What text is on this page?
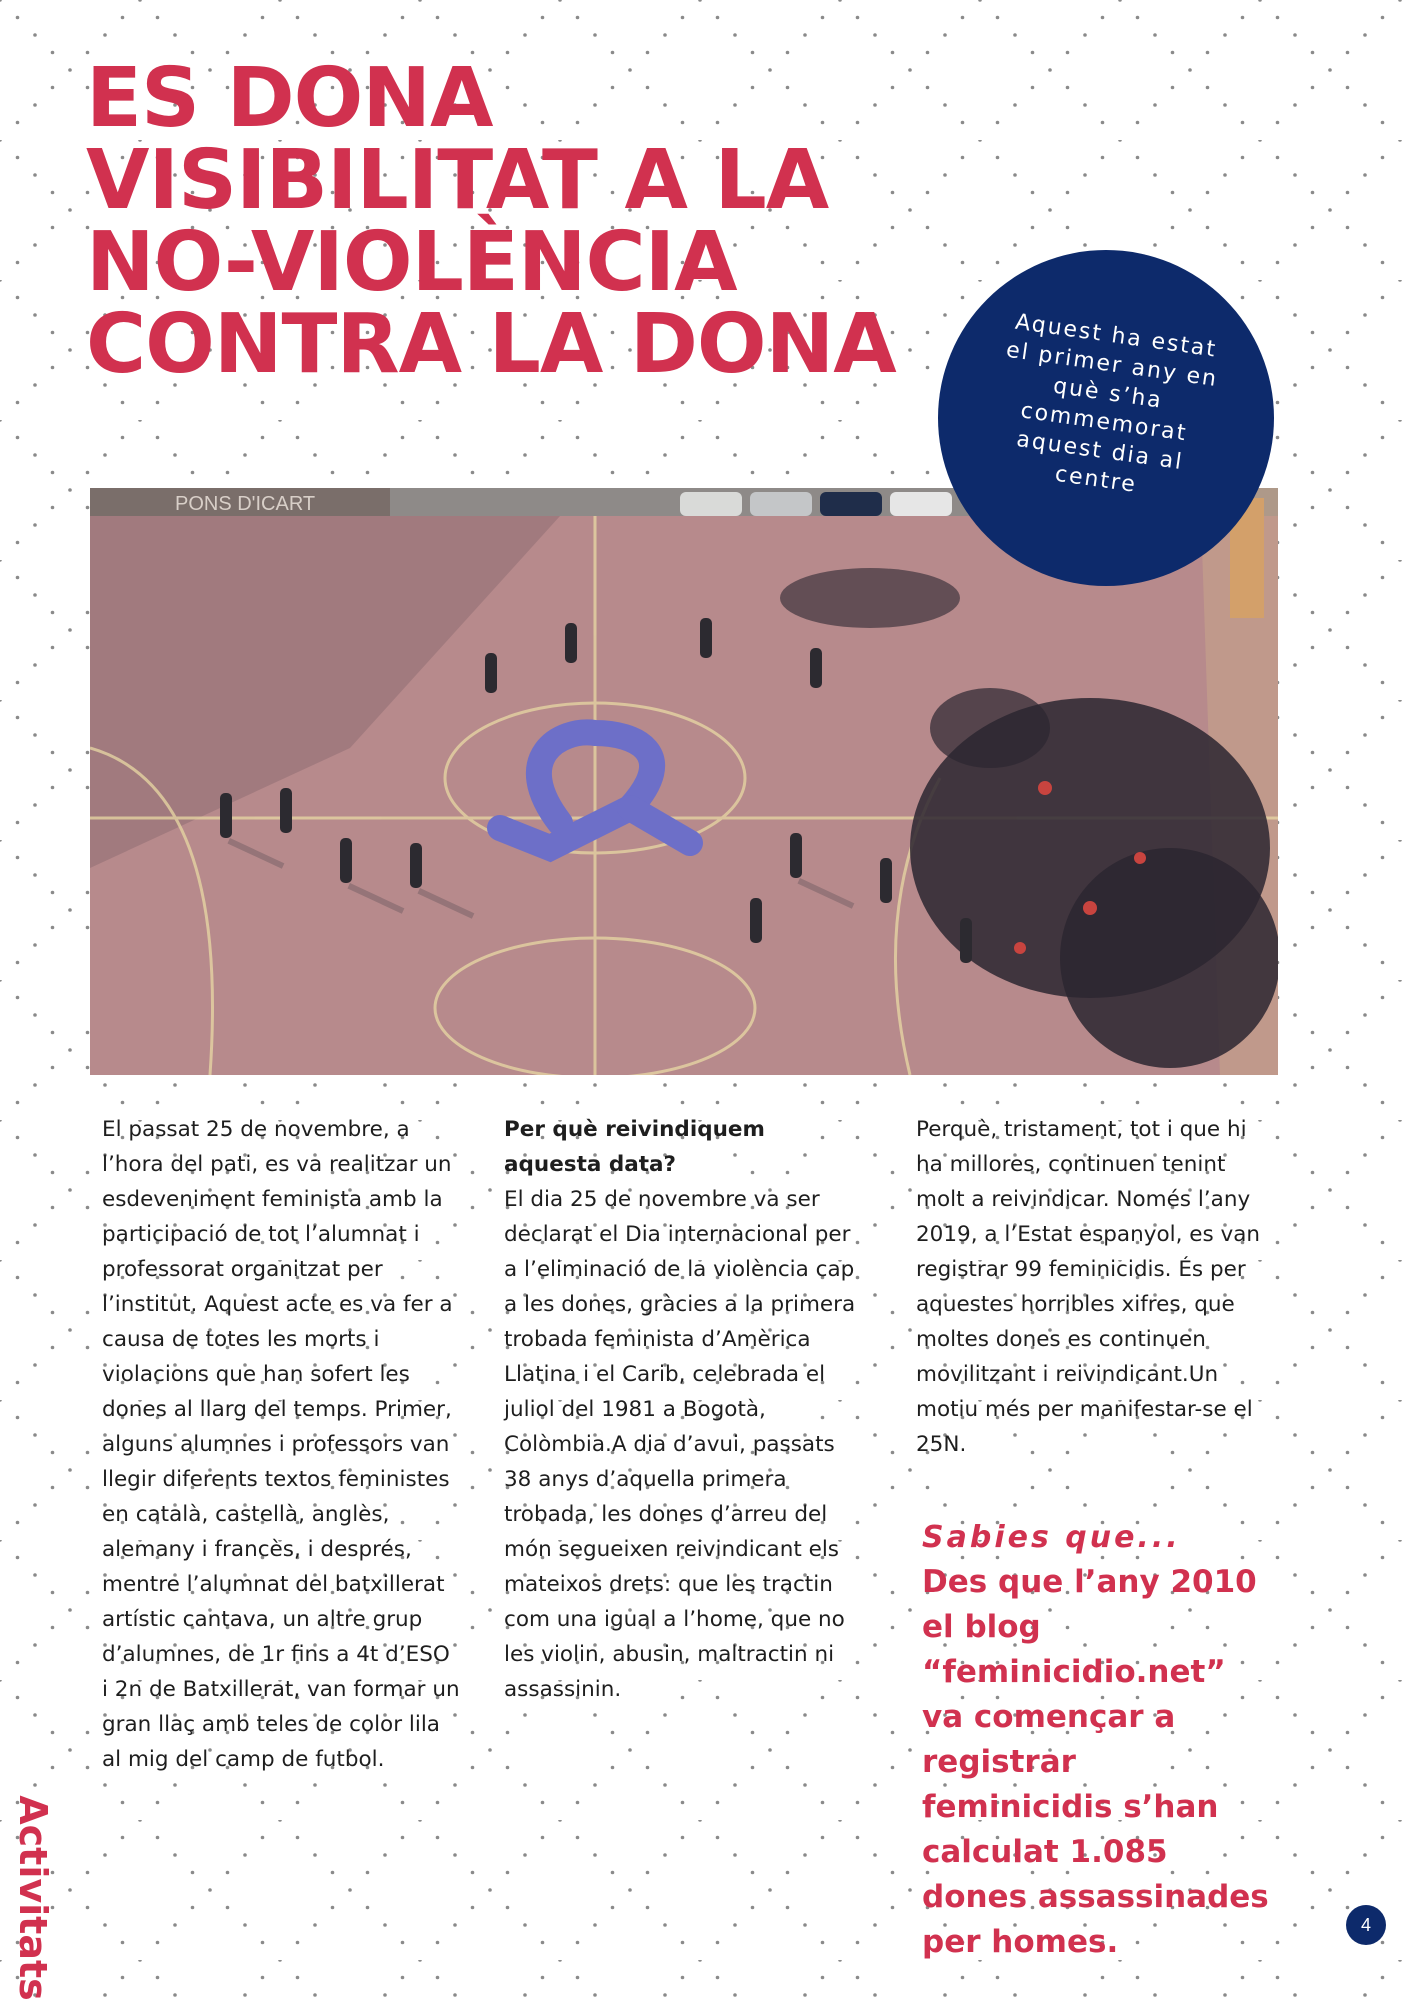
ES DONA
VISIBILITAT A LA
NO-VIOLÈNCIA
CONTRA LA DONA	Aquest ha estat
el primer any en
què s’ha
commemorat
aquest dia al
centre
PONS D'ICART

El passat 25 de novembre, a l’hora del pati, es va realitzar un esdeveniment feminista amb la participació de tot l’alumnat i professorat organitzat per l’institut. Aquest acte es va fer a causa de totes les morts i violacions que han sofert les dones al llarg del temps. Primer, alguns alumnes i professors van llegir diferents textos feministes en català, castellà, anglès, alemany i francès, i després, mentre l’alumnat del batxillerat artístic cantava, un altre grup d’alumnes, de 1r fins a 4t d’ESO i 2n de Batxillerat, van formar un gran llaç amb teles de color lila al mig del camp de futbol.

Per què reivindiquem aquesta data?

El dia 25 de novembre va ser declarat el Dia internacional per a l’eliminació de la violència cap a les dones, gràcies a la primera trobada feminista d’Amèrica Llatina i el Carib, celebrada el juliol del 1981 a Bogotà, Colòmbia.A dia d’avui, passats 38 anys d’aquella primera trobada, les dones d’arreu del món segueixen reivindicant els mateixos drets: que les tractin com una igual a l’home, que no les violin, abusin, maltractin ni assassinin.

Perquè, tristament, tot i que hi ha millores, continuen tenint molt a reivindicar. Només l’any 2019, a l’Estat espanyol, es van registrar 99 feminicidis. És per aquestes horribles xifres, que moltes dones es continuen movilitzant i reivindicant.Un motiu més per manifestar-se el 25N.

Sabies que...
Des que l’any 2010
el blog
“feminicidio.net”
va començar a
registrar
feminicidis s’han
calculat 1.085
dones assassinades
per homes.
Activitats	4
